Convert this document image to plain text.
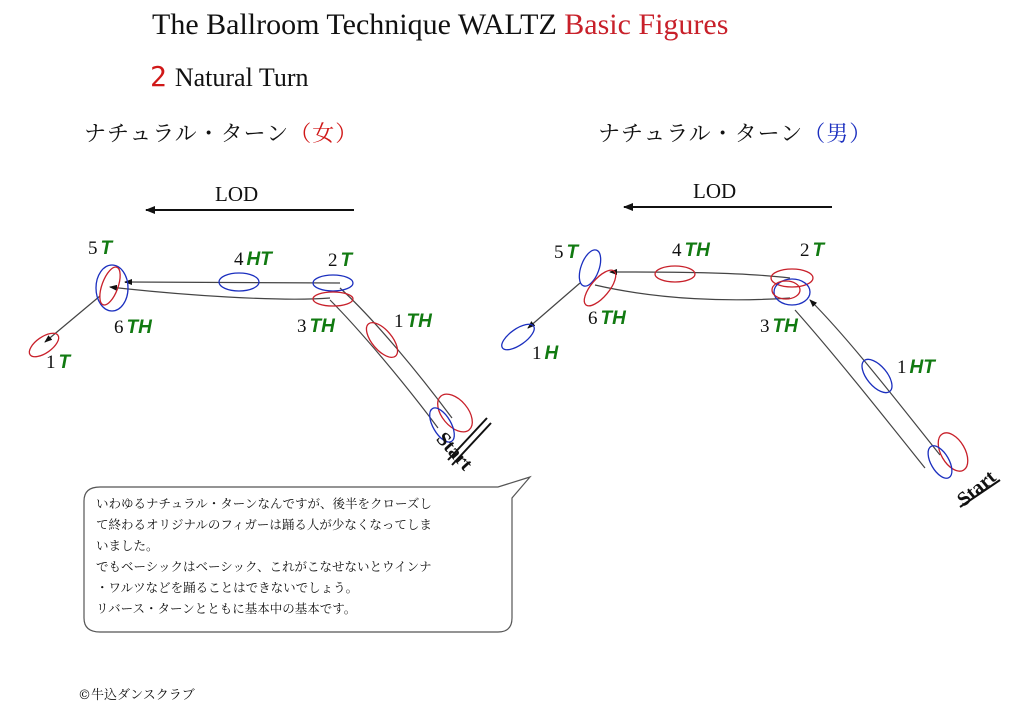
The Ballroom Technique WALTZ Basic Figures
2 Natural Turn
ナチュラル・ターン（女）	ナチュラル・ターン（男）
LOD	LOD
1 TH
2 T
3 TH
4 HT
5 T
6 TH
1 T
Start
1 HT
2 T
3 TH
4 TH
5 T
6 TH
1 H
Start

いわゆるナチュラル・ターンなんですが、後半をクローズし

て終わるオリジナルのフィガーは踊る人が少なくなってしま

いました。

でもベーシックはベーシック、これがこなせないとウインナ

・ワルツなどを踊ることはできないでしょう。

リバース・ターンとともに基本中の基本です。

©牛込ダンスクラブ
